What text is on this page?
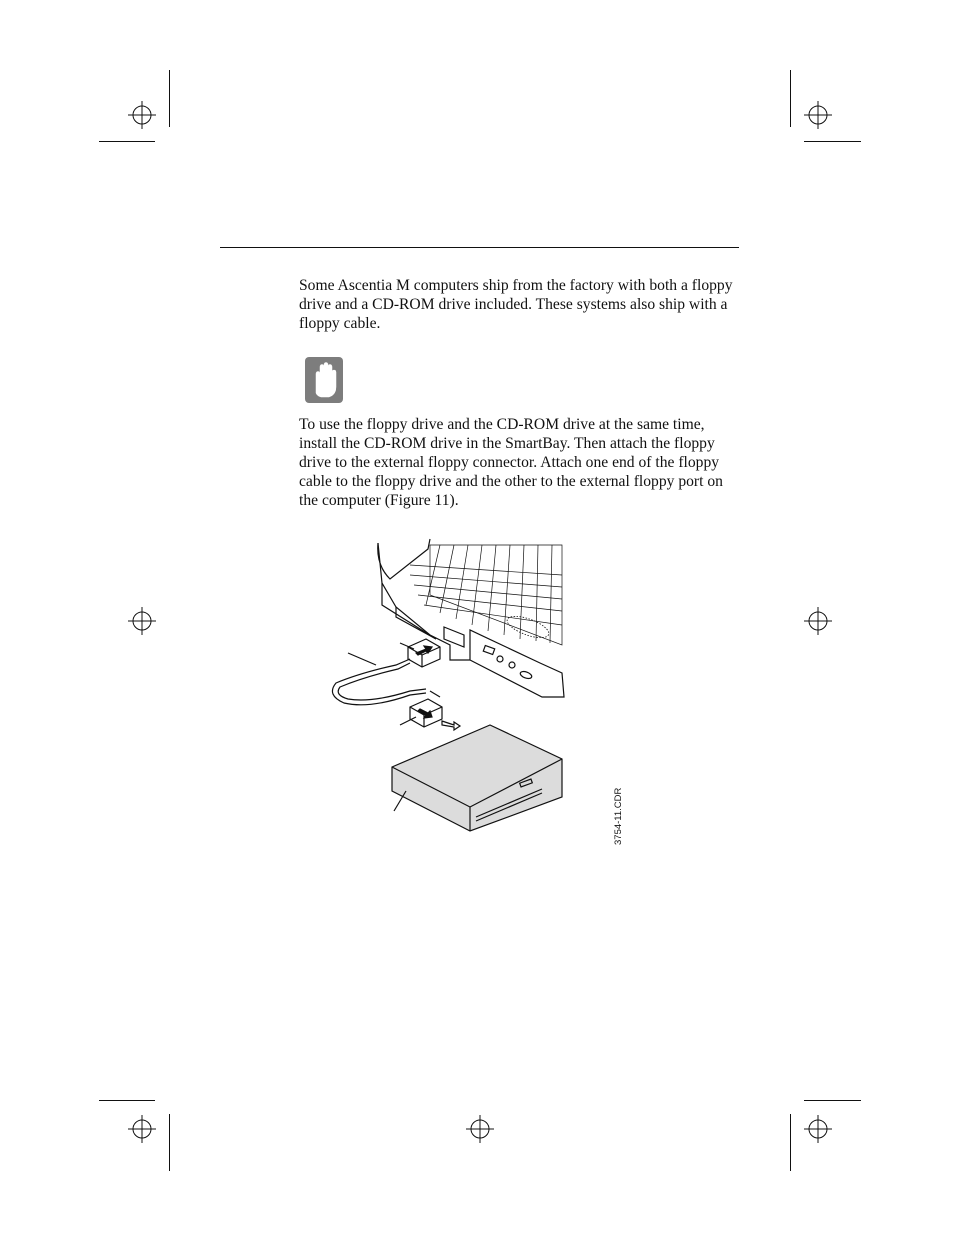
Some Ascentia M computers ship from the factory with both a floppy drive and a CD-ROM drive included. These systems also ship with a floppy cable.

To use the floppy drive and the CD-ROM drive at the same time, install the CD-ROM drive in the SmartBay. Then attach the floppy drive to the external floppy connector. Attach one end of the floppy cable to the floppy drive and the other to the external floppy port on the computer (Figure 11).

3754-11.CDR
